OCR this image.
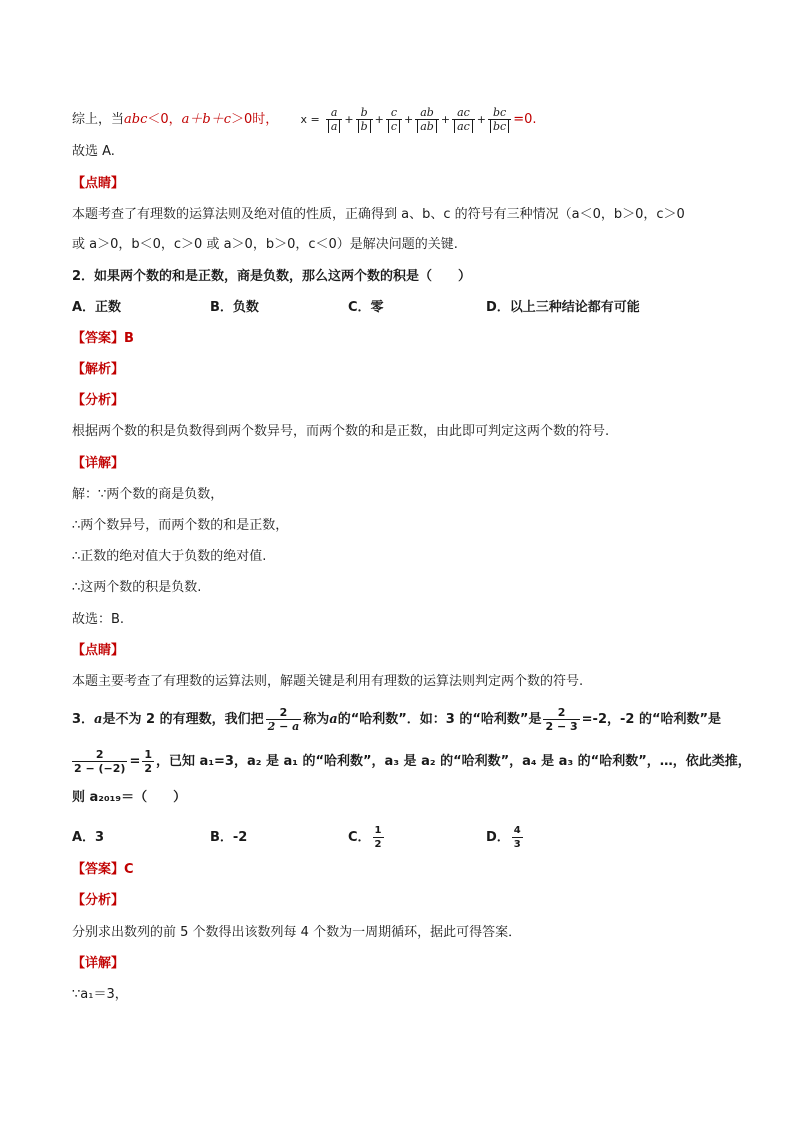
综上，当abc＜0，a＋b＋c＞0时， $x = \frac{a}{a} + \frac{b}{b} + \frac{c}{c} + \frac{ab}{ab} + \frac{ac}{ac} + \frac{bc}{bc} =0$.
故选 A.
【点睛】
本题考查了有理数的运算法则及绝对值的性质，正确得到 a、b、c 的符号有三种情况（a＜0，b＞0，c＞0
或 a＞0，b＜0，c＞0 或 a＞0，b＞0，c＜0）是解决问题的关键.
2．如果两个数的和是正数，商是负数，那么这两个数的积是（　　）
A．正数	B．负数	C．零	D．以上三种结论都有可能
【答案】B
【解析】
【分析】
根据两个数的积是负数得到两个数异号，而两个数的和是正数，由此即可判定这两个数的符号.
【详解】
解：∵两个数的商是负数，
∴两个数异号，而两个数的和是正数，
∴正数的绝对值大于负数的绝对值.
∴这两个数的积是负数.
故选：B.
【点睛】
本题主要考查了有理数的运算法则，解题关键是利用有理数的运算法则判定两个数的符号.
3．a是不为 2 的有理数，我们把 $\frac{2}{2 - a}$ 称为a的“哈利数”．如：3 的“哈利数”是 $\frac{2}{2 - 3} =-2$，-2 的“哈利数”是
$\frac{2}{2 - (-2)} = \frac{1}{2}$ ，已知 a₁=3，a₂ 是 a₁ 的“哈利数”，a₃ 是 a₂ 的“哈利数”，a₄ 是 a₃ 的“哈利数”，…，依此类推，
则 a₂₀₁₉＝（　　）
A．3	B．-2	C． $\frac{1}{2}$	D． $\frac{4}{3}$
【答案】C
【分析】
分别求出数列的前 5 个数得出该数列每 4 个数为一周期循环，据此可得答案．
【详解】
∵a₁＝3，
